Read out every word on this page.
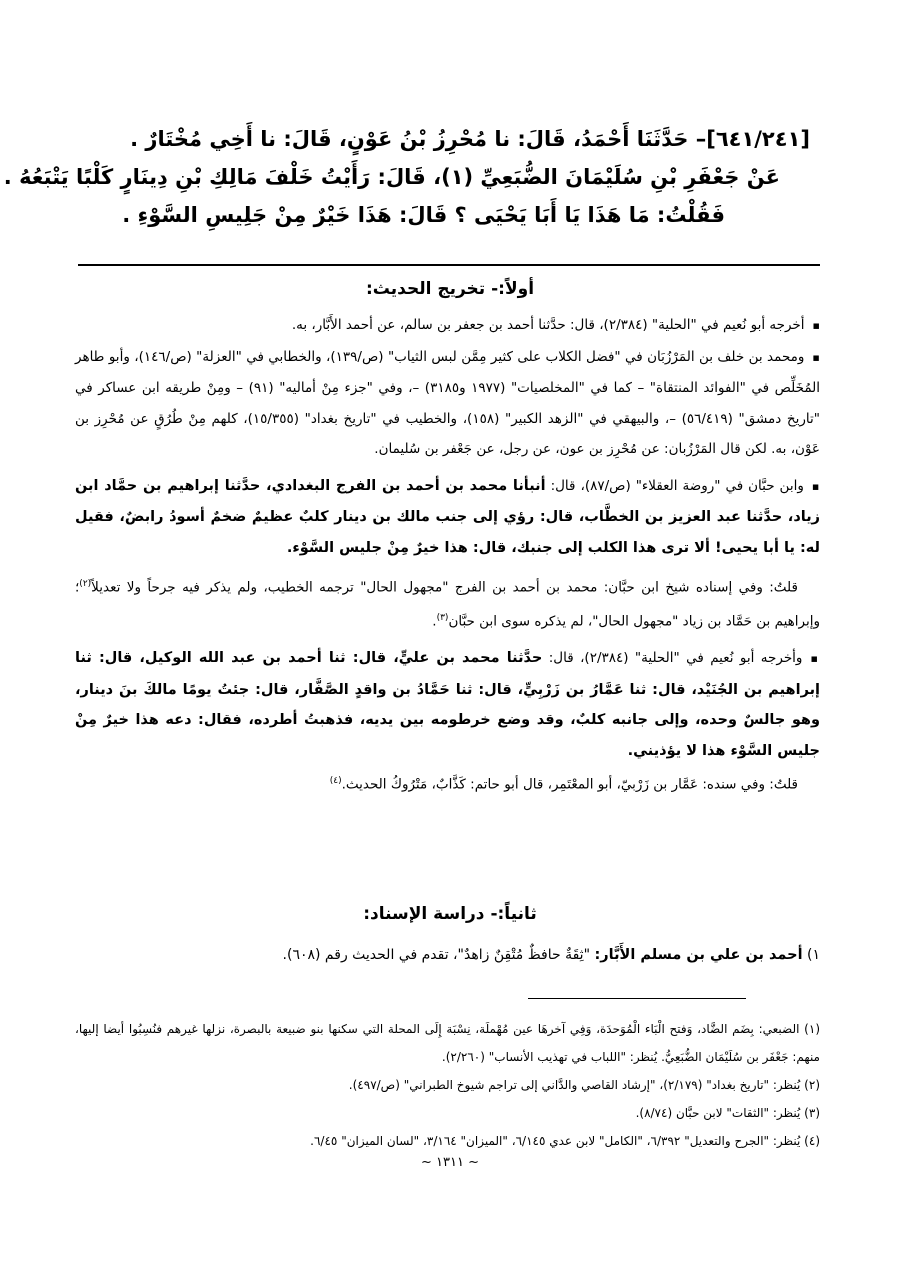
[٦٤١/٢٤١]– حَدَّثَنَا أَحْمَدُ، قَالَ: نا مُحْرِزُ بْنُ عَوْنٍ، قَالَ: نا أَخِي مُخْتَارٌ .
عَنْ جَعْفَرِ بْنِ سُلَيْمَانَ الضُّبَعِيِّ (١)، قَالَ: رَأَيْتُ خَلْفَ مَالِكِ بْنِ دِينَارٍ كَلْبًا يَتْبَعُهُ .
فَقُلْتُ: مَا هَذَا يَا أَبَا يَحْيَى ؟ قَالَ: هَذَا خَيْرٌ مِنْ جَلِيسِ السَّوْءِ .
أولاً:- تخريج الحديث:

▪ أخرجه أبو نُعيم في "الحلية" (٢/٣٨٤)، قال: حدَّثنا أحمد بن جعفر بن سالم، عن أحمد الأَبَّار، به.

▪ ومحمد بن خلف بن المَرْزُبَان في "فضل الكلاب على كثير مِمَّن لبس الثياب" (ص/١٣٩)، والخطابي في "العزلة" (ص/١٤٦)، وأبو طاهر المُخَلِّص في "الفوائد المنتقاة" – كما في "المخلصيات" (١٩٧٧ و٣١٨٥) –، وفي "جزء مِنْ أماليه" (٩١) – ومِنْ طريقه ابن عساكر في "تاريخ دمشق" (٥٦/٤١٩) –، والبيهقي في "الزهد الكبير" (١٥٨)، والخطيب في "تاريخ بغداد" (١٥/٣٥٥)، كلهم مِنْ طُرُقٍ عن مُحْرِز بن عَوْن، به. لكن قال المَرْزُبان: عن مُحْرِز بن عون، عن رجل، عن جَعْفر بن سُليمان.

▪ وابن حبَّان في "روضة العقلاء" (ص/٨٧)، قال: أنبأنا محمد بن أحمد بن الفرج البغدادي، حدَّثنا إبراهيم بن حمَّاد ابن زياد، حدَّثنا عبد العزيز بن الخطَّاب، قال: رؤي إلى جنب مالك بن دينار كلبٌ عظيمٌ ضخمٌ أسودُ رابضٌ، فقيل له: يا أبا يحيى! ألا ترى هذا الكلب إلى جنبك، قال: هذا خيرٌ مِنْ جليس السَّوْء.

قلتُ: وفي إسناده شيخ ابن حبَّان: محمد بن أحمد بن الفرج "مجهول الحال" ترجمه الخطيب، ولم يذكر فيه جرحاً ولا تعديلاً$^{(٢)}$؛ وإبراهيم بن حَمَّاد بن زياد "مجهول الحال"، لم يذكره سوى ابن حبَّان$^{(٣)}$.

▪ وأخرجه أبو نُعيم في "الحلية" (٢/٣٨٤)، قال: حدَّثنا محمد بن عليٍّ، قال: ثنا أحمد بن عبد الله الوكيل، قال: ثنا إبراهيم بن الجُنَيْد، قال: ثنا عَمَّارُ بن زَرْبِيٍّ، قال: ثنا حَمَّادُ بن واقدٍ الصَّفَّار، قال: جئتُ يومًا مالكَ بنَ دينار، وهو جالسٌ وحده، وإلى جانبه كلبٌ، وقد وضع خرطومه بين يديه، فذهبتُ أطرده، فقال: دعه هذا خيرٌ مِنْ جليس السَّوْء هذا لا يؤذيني.

قلتُ: وفي سنده: عَمَّار بن زَرْبيّ، أبو المعْتَمِر، قال أبو حاتم: كَذَّابٌ، مَتْرُوكُ الحديث.$^{(٤)}$

ثانياً:- دراسة الإسناد:
١) أحمد بن علي بن مسلم الأَبَّار: "ثِقَةٌ حافظٌ مُتْقِنٌ زاهدٌ"، تقدم في الحديث رقم (٦٠٨).

(١) الضبعي: بِضَم الضَّاد، وَفتح الْبَاء الْمُوَحدَة، وَفِي آخرهَا عين مُهْملَة، نِسْبَة إِلَى المحلة التي سكنها بنو ضبيعة بالبصرة، نزلها غيرهم فنُسِبُوا أيضا إليها، منهم: جَعْفَر بن سُلَيْمَان الضُّبَعِيُّ. يُنظر: "اللباب في تهذيب الأنساب" (٢/٢٦٠).

(٢) يُنظر: "تاريخ بغداد" (٢/١٧٩)، "إرشاد القاصي والدَّاني إلى تراجم شيوخ الطبراني" (ص/٤٩٧).

(٣) يُنظر: "الثقات" لابن حبَّان (٨/٧٤).

(٤) يُنظر: "الجرح والتعديل" ٦/٣٩٢، "الكامل" لابن عدي ٦/١٤٥، "الميزان" ٣/١٦٤، "لسان الميزان" ٦/٤٥.

~ ١٣١١ ~
